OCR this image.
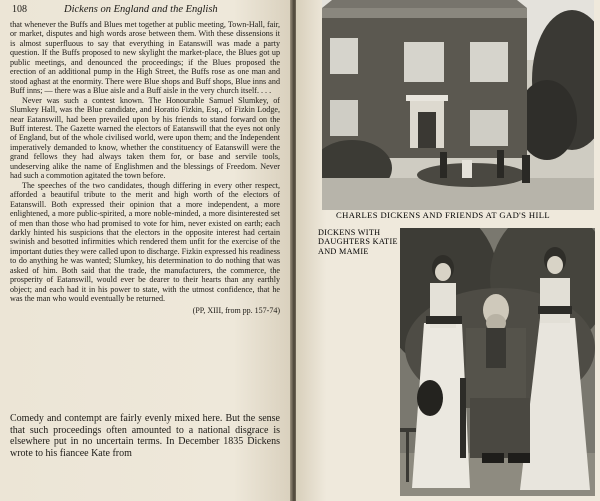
108	Dickens on England and the English

that whenever the Buffs and Blues met together at public meeting, Town-Hall, fair, or market, disputes and high words arose between them. With these dissensions it is almost superfluous to say that everything in Eatanswill was made a party question. If the Buffs proposed to new skylight the market-place, the Blues got up public meetings, and denounced the proceedings; if the Blues proposed the erection of an additional pump in the High Street, the Buffs rose as one man and stood aghast at the enormity. There were Blue shops and Buff shops, Blue inns and Buff inns; — there was a Blue aisle and a Buff aisle in the very church itself. . . .

Never was such a contest known. The Honourable Samuel Slumkey, of Slumkey Hall, was the Blue candidate, and Horatio Fizkin, Esq., of Fizkin Lodge, near Eatanswill, had been prevailed upon by his friends to stand forward on the Buff interest. The Gazette warned the electors of Eatanswill that the eyes not only of England, but of the whole civilised world, were upon them; and the Independent imperatively demanded to know, whether the constituency of Eatanswill were the grand fellows they had always taken them for, or base and servile tools, undeserving alike the name of Englishmen and the blessings of Freedom. Never had such a commotion agitated the town before.

The speeches of the two candidates, though differing in every other respect, afforded a beautiful tribute to the merit and high worth of the electors of Eatanswill. Both expressed their opinion that a more independent, a more enlightened, a more public-spirited, a more noble-minded, a more disinterested set of men than those who had promised to vote for him, never existed on earth; each darkly hinted his suspicions that the electors in the opposite interest had certain swinish and besotted infirmities which rendered them unfit for the exercise of the important duties they were called upon to discharge. Fizkin expressed his readiness to do anything he was wanted; Slumkey, his determination to do nothing that was asked of him. Both said that the trade, the manufacturers, the commerce, the prosperity of Eatanswill, would ever be dearer to their hearts than any earthly object; and each had it in his power to state, with the utmost confidence, that he was the man who would eventually be returned.

(PP, XIII, from pp. 157-74)

Comedy and contempt are fairly evenly mixed here. But the sense that such proceedings often amounted to a national disgrace is elsewhere put in no uncertain terms. In December 1835 Dickens wrote to his fiancee Kate from

CHARLES DICKENS AND FRIENDS AT GAD'S HILL
DICKENS WITH DAUGHTERS KATIE AND MAMIE
